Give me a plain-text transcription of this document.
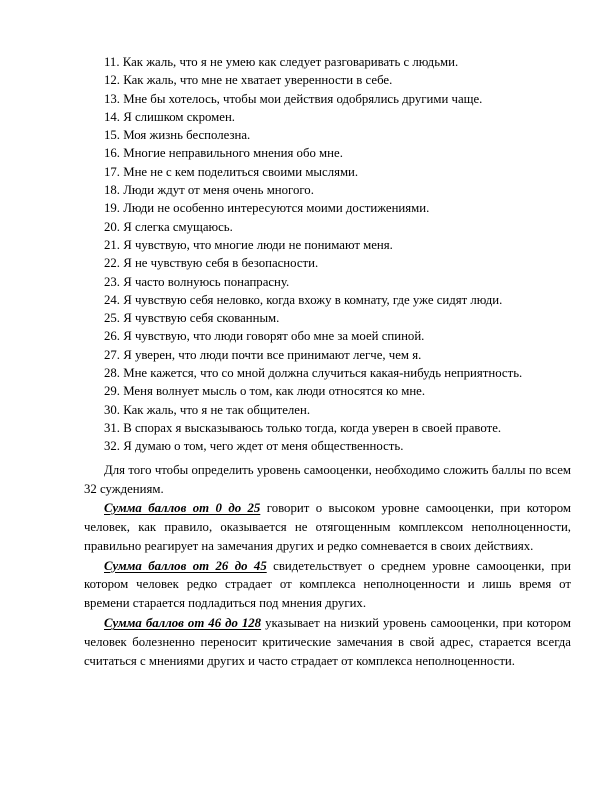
11. Как жаль, что я не умею как следует разговаривать с людьми.

12. Как жаль, что мне не хватает уверенности в себе.

13. Мне бы хотелось, чтобы мои действия одобрялись другими чаще.

14. Я слишком скромен.

15. Моя жизнь бесполезна.

16. Многие неправильного мнения обо мне.

17. Мне не с кем поделиться своими мыслями.

18. Люди ждут от меня очень многого.

19. Люди не особенно интересуются моими достижениями.

20. Я слегка смущаюсь.

21. Я чувствую, что многие люди не понимают меня.

22. Я не чувствую себя в безопасности.

23. Я часто волнуюсь понапрасну.

24. Я чувствую себя неловко, когда вхожу в комнату, где уже сидят люди.

25. Я чувствую себя скованным.

26. Я чувствую, что люди говорят обо мне за моей спиной.

27. Я уверен, что люди почти все принимают легче, чем я.

28. Мне кажется, что со мной должна случиться какая-нибудь неприятность.

29. Меня волнует мысль о том, как люди относятся ко мне.

30. Как жаль, что я не так общителен.

31. В спорах я высказываюсь только тогда, когда уверен в своей правоте.

32. Я думаю о том, чего ждет от меня общественность.

Для того чтобы определить уровень самооценки, необходимо сложить баллы по всем 32 суждениям.

Сумма баллов от 0 до 25 говорит о высоком уровне самооценки, при котором человек, как правило, оказывается не отягощенным комплексом неполноценности, правильно реагирует на замечания других и редко сомневается в своих действиях.

Сумма баллов от 26 до 45 свидетельствует о среднем уровне самооценки, при котором человек редко страдает от комплекса неполноценности и лишь время от времени старается подладиться под мнения других.

Сумма баллов от 46 до 128 указывает на низкий уровень самооценки, при котором человек болезненно переносит критические замечания в свой адрес, старается всегда считаться с мнениями других и часто страдает от комплекса неполноценности.
